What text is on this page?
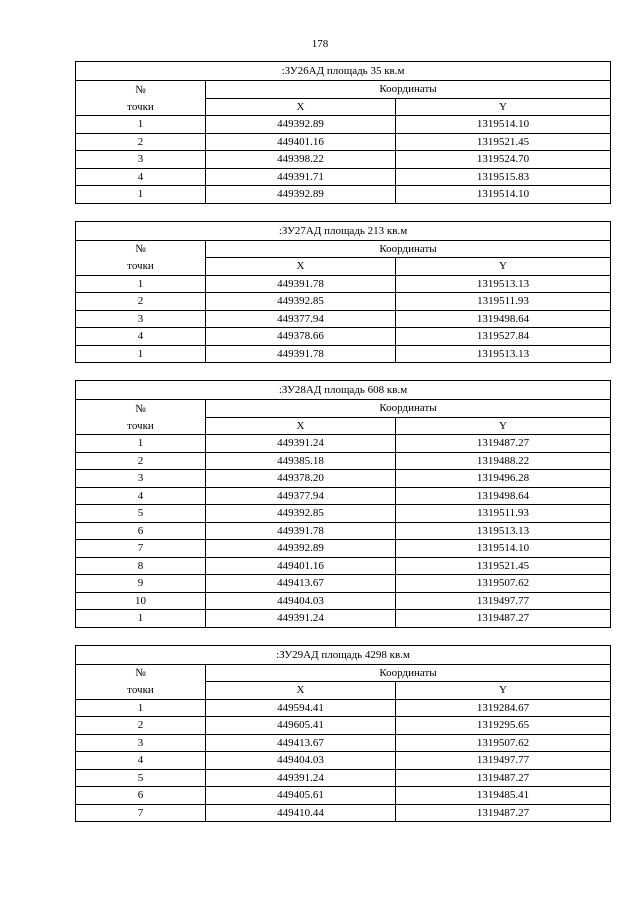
178
:ЗУ26АД площадь 35 кв.м		
№	Координаты	
точки	X	Y
1	449392.89	1319514.10
2	449401.16	1319521.45
3	449398.22	1319524.70
4	449391.71	1319515.83
1	449392.89	1319514.10
:ЗУ27АД площадь 213 кв.м		
№	Координаты	
точки	X	Y
1	449391.78	1319513.13
2	449392.85	1319511.93
3	449377.94	1319498.64
4	449378.66	1319527.84
1	449391.78	1319513.13
:ЗУ28АД площадь 608 кв.м		
№	Координаты	
точки	X	Y
1	449391.24	1319487.27
2	449385.18	1319488.22
3	449378.20	1319496.28
4	449377.94	1319498.64
5	449392.85	1319511.93
6	449391.78	1319513.13
7	449392.89	1319514.10
8	449401.16	1319521.45
9	449413.67	1319507.62
10	449404.03	1319497.77
1	449391.24	1319487.27
:ЗУ29АД площадь 4298 кв.м		
№	Координаты	
точки	X	Y
1	449594.41	1319284.67
2	449605.41	1319295.65
3	449413.67	1319507.62
4	449404.03	1319497.77
5	449391.24	1319487.27
6	449405.61	1319485.41
7	449410.44	1319487.27
